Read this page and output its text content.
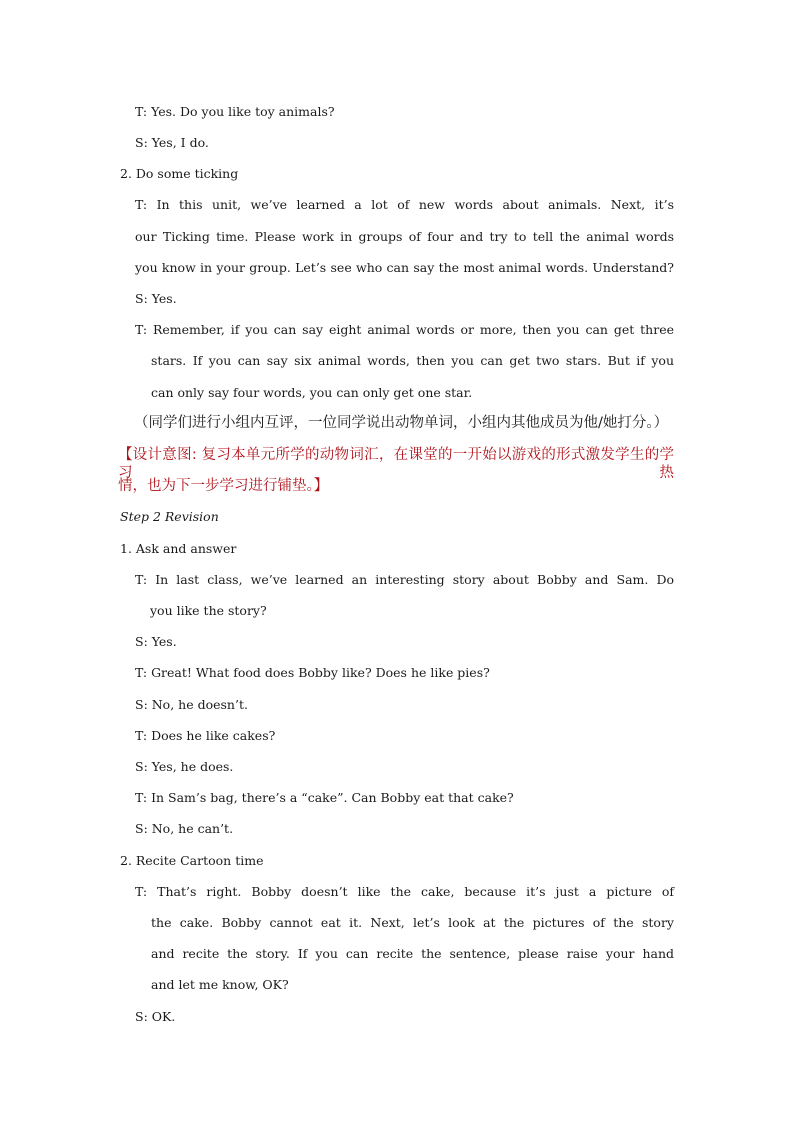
T: Yes. Do you like toy animals?
S: Yes, I do.
2. Do some ticking
T: In this unit, we’ve learned a lot of new words about animals. Next, it’s
our Ticking time. Please work in groups of four and try to tell the animal words
you know in your group. Let’s see who can say the most animal words. Understand?
S: Yes.
T: Remember, if you can say eight animal words or more, then you can get three
stars. If you can say six animal words, then you can get two stars. But if you
can only say four words, you can only get one star.
（同学们进行小组内互评，一位同学说出动物单词，小组内其他成员为他/她打分。）
【设计意图: 复习本单元所学的动物词汇，在课堂的一开始以游戏的形式激发学生的学习热
情，也为下一步学习进行铺垫。】
Step 2 Revision
1. Ask and answer
T: In last class, we’ve learned an interesting story about Bobby and Sam. Do
you like the story?
S: Yes.
T: Great! What food does Bobby like? Does he like pies?
S: No, he doesn’t.
T: Does he like cakes?
S: Yes, he does.
T: In Sam’s bag, there’s a “cake”. Can Bobby eat that cake?
S: No, he can’t.
2. Recite Cartoon time
T: That’s right. Bobby doesn’t like the cake, because it’s just a picture of
the cake. Bobby cannot eat it. Next, let’s look at the pictures of the story
and recite the story. If you can recite the sentence, please raise your hand
and let me know, OK?
S: OK.
